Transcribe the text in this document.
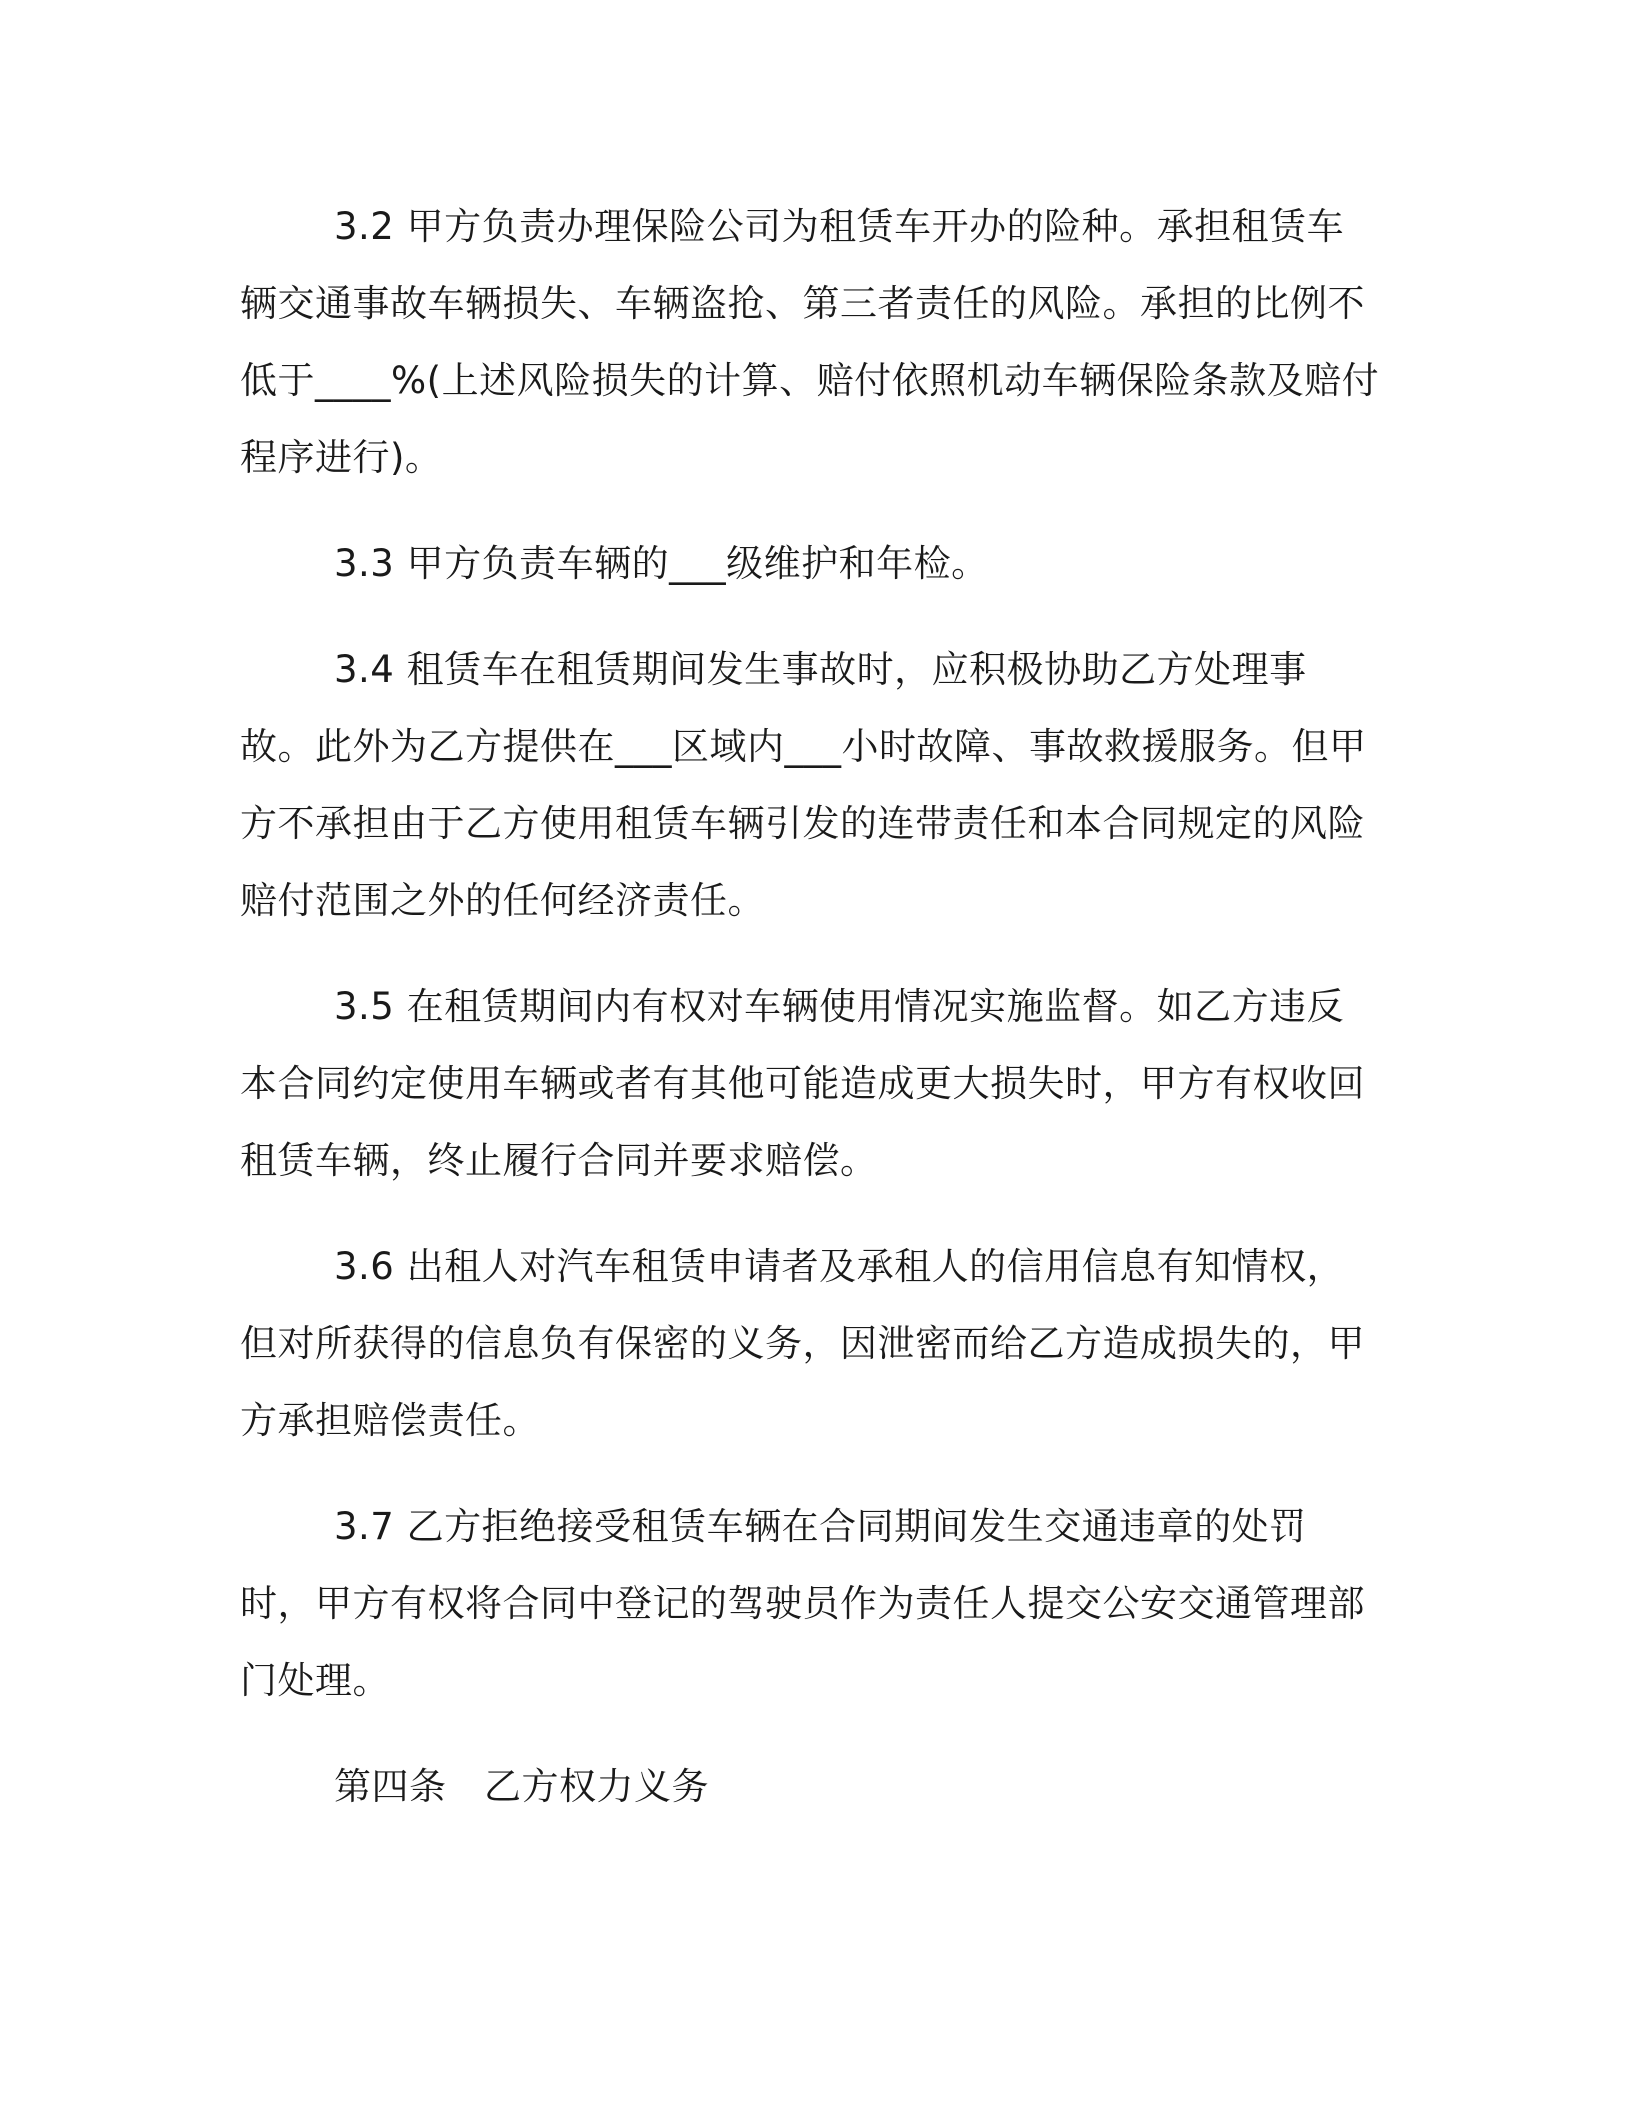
3.2 甲方负责办理保险公司为租赁车开办的险种。承担租赁车辆交通事故车辆损失、车辆盗抢、第三者责任的风险。承担的比例不低于____%(上述风险损失的计算、赔付依照机动车辆保险条款及赔付程序进行)。

3.3 甲方负责车辆的___级维护和年检。

3.4 租赁车在租赁期间发生事故时，应积极协助乙方处理事故。此外为乙方提供在___区域内___小时故障、事故救援服务。但甲方不承担由于乙方使用租赁车辆引发的连带责任和本合同规定的风险赔付范围之外的任何经济责任。

3.5 在租赁期间内有权对车辆使用情况实施监督。如乙方违反本合同约定使用车辆或者有其他可能造成更大损失时，甲方有权收回租赁车辆，终止履行合同并要求赔偿。

3.6 出租人对汽车租赁申请者及承租人的信用信息有知情权，但对所获得的信息负有保密的义务，因泄密而给乙方造成损失的，甲方承担赔偿责任。

3.7 乙方拒绝接受租赁车辆在合同期间发生交通违章的处罚时，甲方有权将合同中登记的驾驶员作为责任人提交公安交通管理部门处理。

第四条　乙方权力义务
